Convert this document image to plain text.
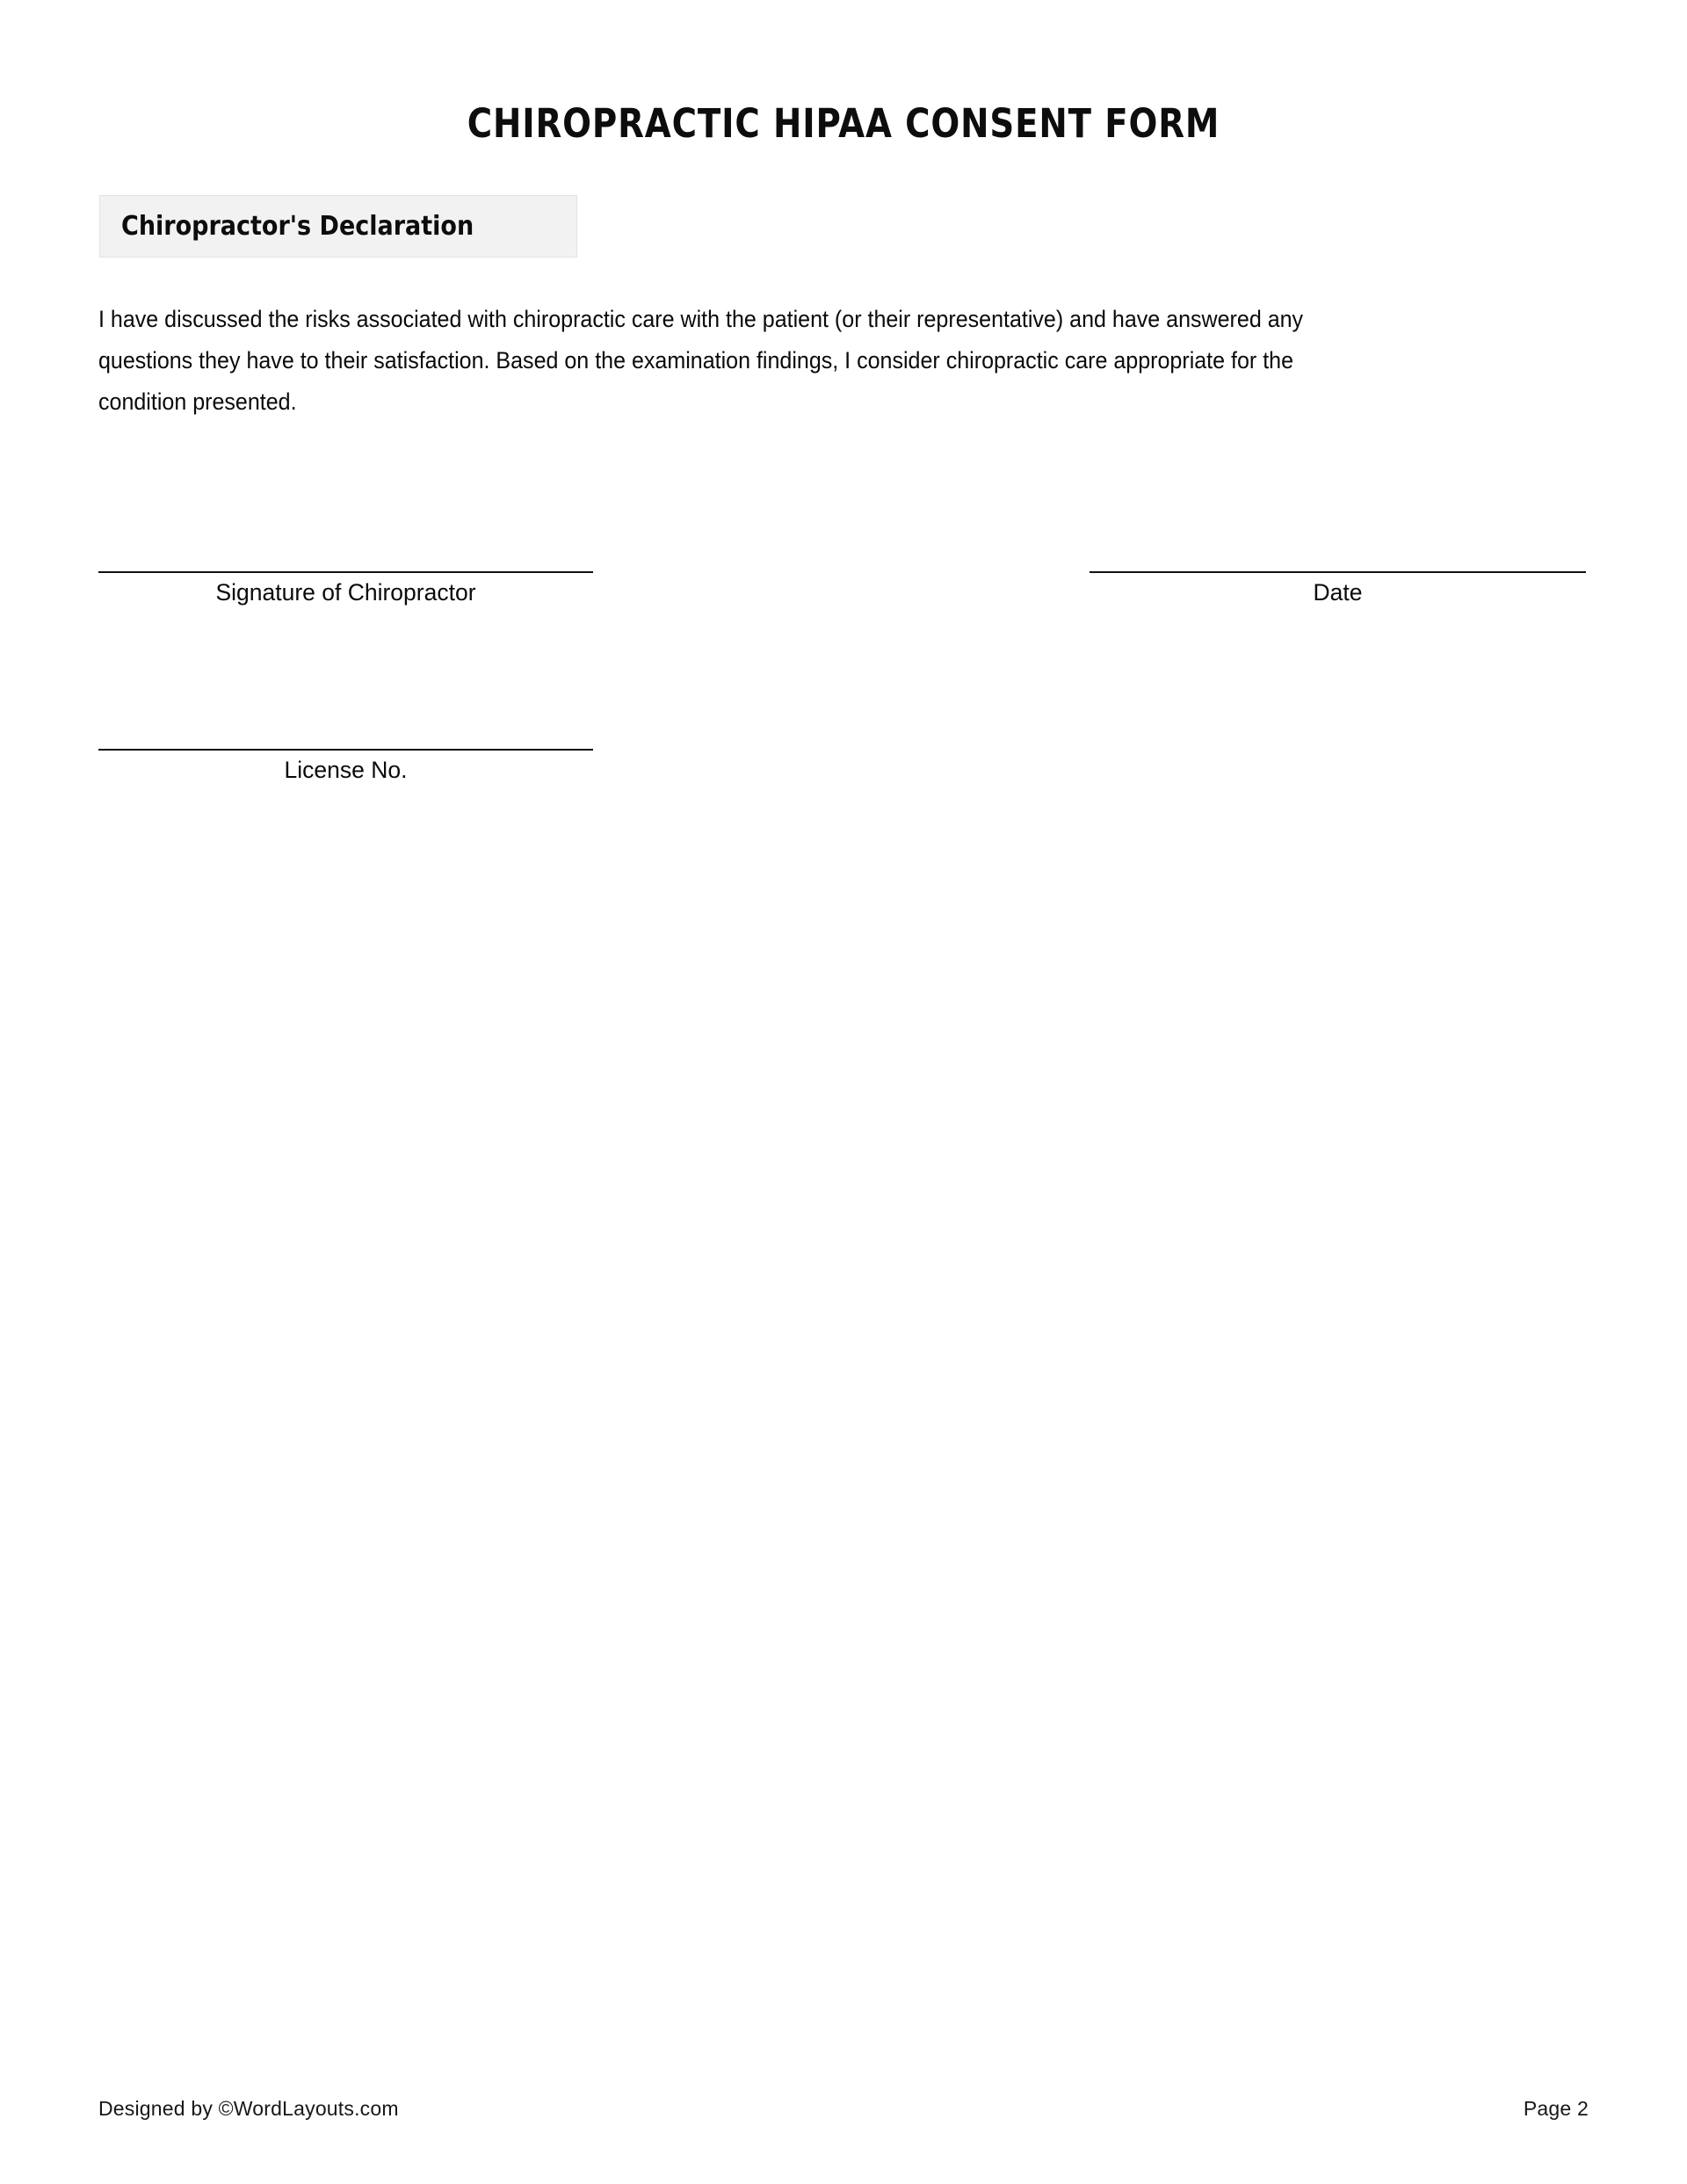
CHIROPRACTIC HIPAA CONSENT FORM
Chiropractor's Declaration
I have discussed the risks associated with chiropractic care with the patient (or their representative) and have answered any
questions they have to their satisfaction. Based on the examination findings, I consider chiropractic care appropriate for the
condition presented.
Signature of Chiropractor	Date
License No.
Designed by ©WordLayouts.com	Page 2
